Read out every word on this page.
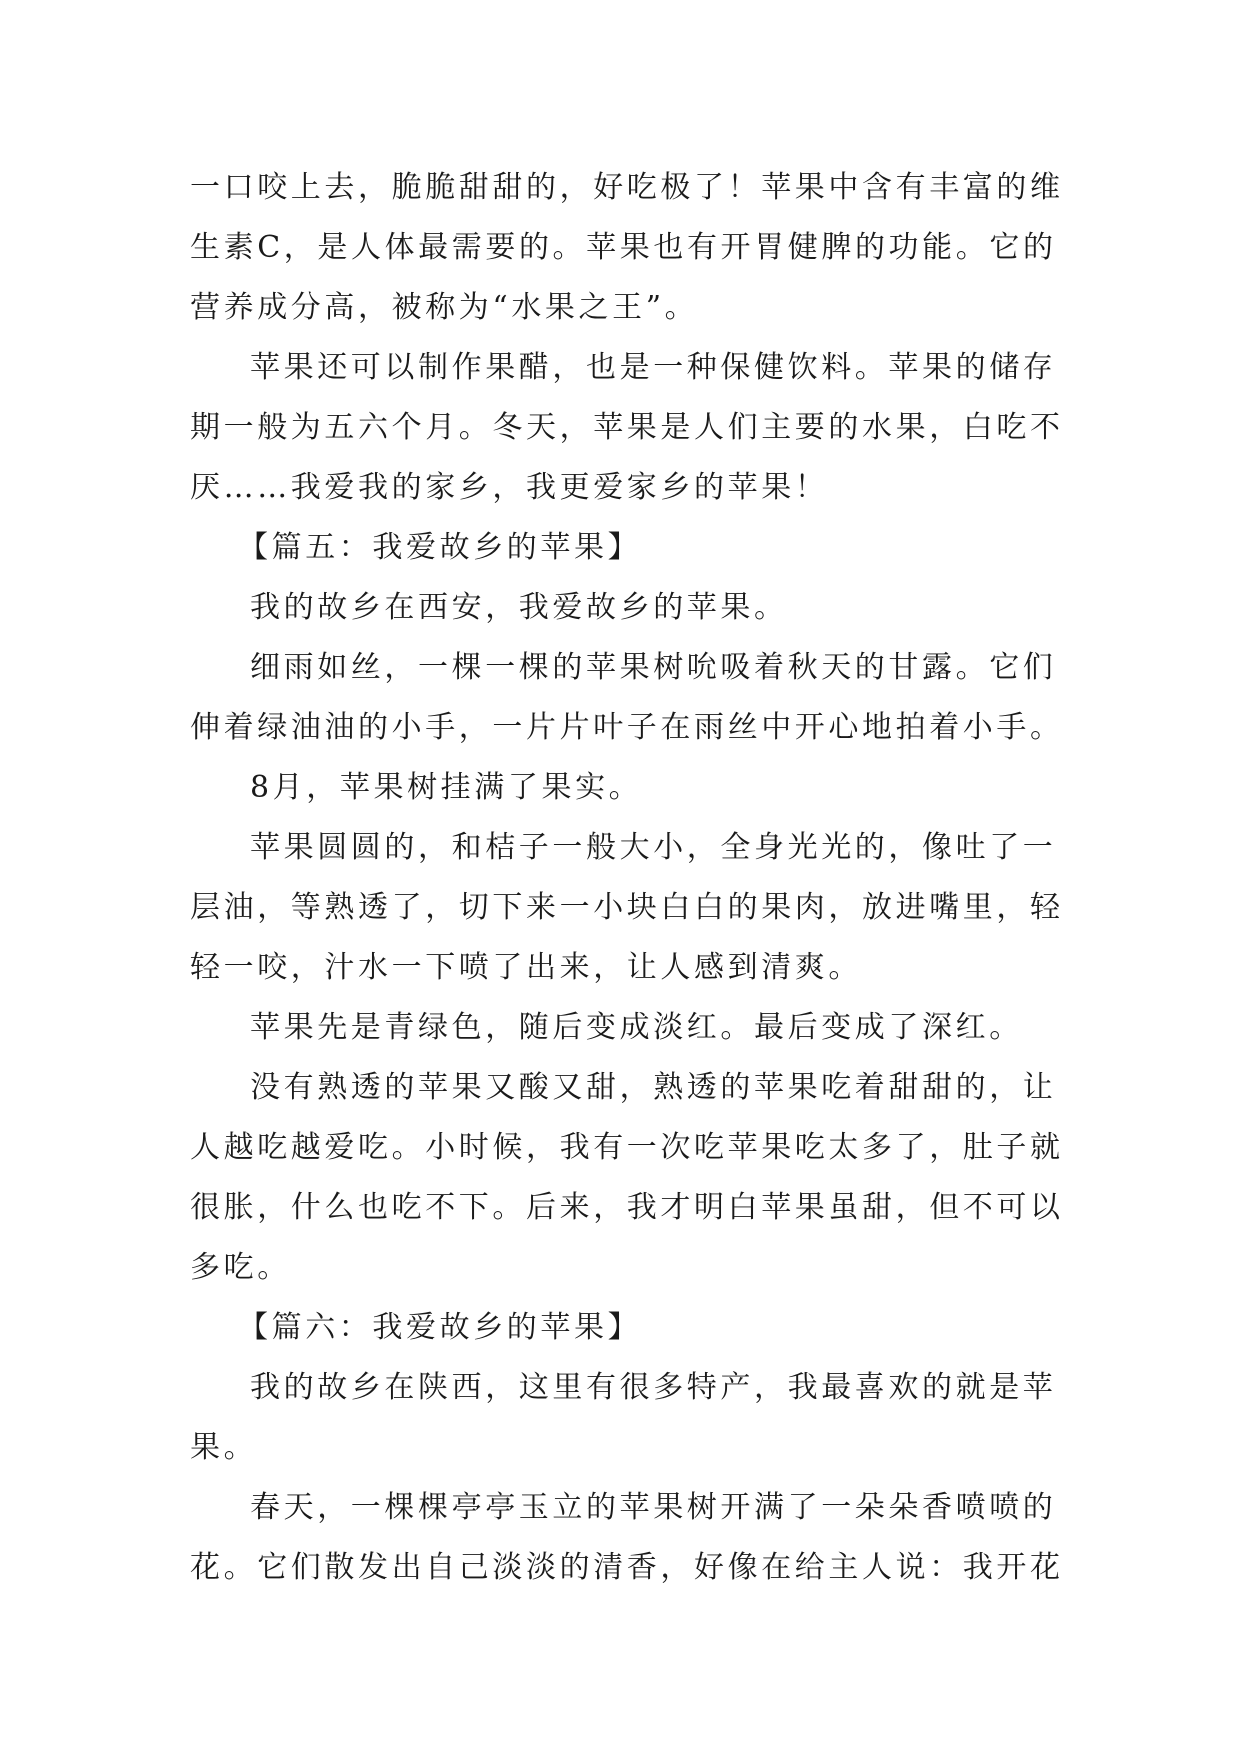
一口咬上去，脆脆甜甜的，好吃极了！苹果中含有丰富的维生素C，是人体最需要的。苹果也有开胃健脾的功能。它的营养成分高，被称为“水果之王”。

苹果还可以制作果醋，也是一种保健饮料。苹果的储存期一般为五六个月。冬天，苹果是人们主要的水果，白吃不厌……我爱我的家乡，我更爱家乡的苹果！

【篇五：我爱故乡的苹果】

我的故乡在西安，我爱故乡的苹果。

细雨如丝，一棵一棵的苹果树吮吸着秋天的甘露。它们伸着绿油油的小手，一片片叶子在雨丝中开心地拍着小手。

8月，苹果树挂满了果实。

苹果圆圆的，和桔子一般大小，全身光光的，像吐了一层油，等熟透了，切下来一小块白白的果肉，放进嘴里，轻轻一咬，汁水一下喷了出来，让人感到清爽。

苹果先是青绿色，随后变成淡红。最后变成了深红。

没有熟透的苹果又酸又甜，熟透的苹果吃着甜甜的，让人越吃越爱吃。小时候，我有一次吃苹果吃太多了，肚子就很胀，什么也吃不下。后来，我才明白苹果虽甜，但不可以多吃。

【篇六：我爱故乡的苹果】

我的故乡在陕西，这里有很多特产，我最喜欢的就是苹果。

春天，一棵棵亭亭玉立的苹果树开满了一朵朵香喷喷的花。它们散发出自己淡淡的清香，好像在给主人说：我开花
